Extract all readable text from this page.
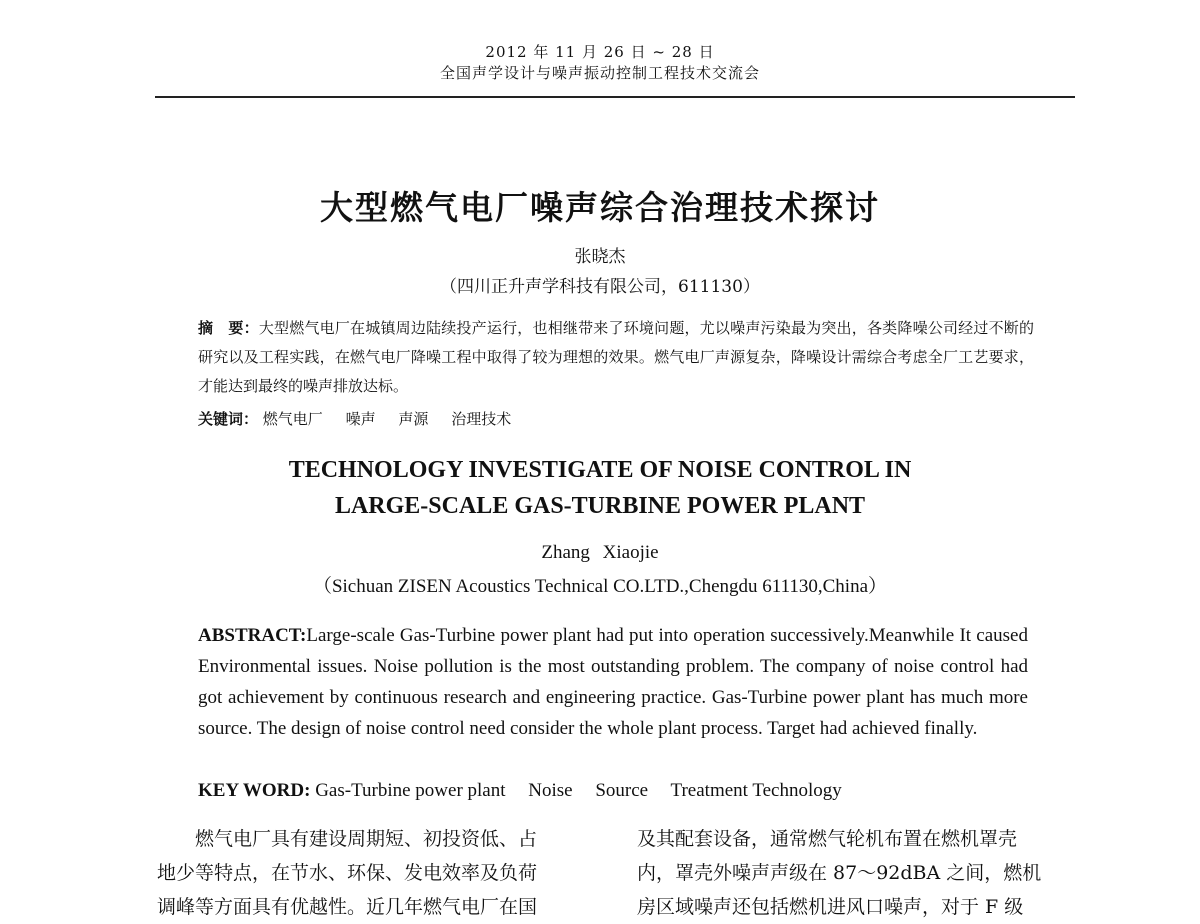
2012 年 11 月 26 日 ~ 28 日
全国声学设计与噪声振动控制工程技术交流会
大型燃气电厂噪声综合治理技术探讨
张晓杰
（四川正升声学科技有限公司，611130）
摘　要：大型燃气电厂在城镇周边陆续投产运行，也相继带来了环境问题，尤以噪声污染最为突出，各类降噪公司经过不断的研究以及工程实践，在燃气电厂降噪工程中取得了较为理想的效果。燃气电厂声源复杂，降噪设计需综合考虑全厂工艺要求，才能达到最终的噪声排放达标。
关键词： 燃气电厂 噪声 声源 治理技术
TECHNOLOGY INVESTIGATE OF NOISE CONTROL IN
LARGE-SCALE GAS-TURBINE POWER PLANT
Zhang Xiaojie
（Sichuan ZISEN Acoustics Technical CO.LTD.,Chengdu 611130,China）
ABSTRACT:Large-scale Gas-Turbine power plant had put into operation successively.Meanwhile It caused Environmental issues. Noise pollution is the most outstanding problem. The company of noise control had got achievement by continuous research and engineering practice. Gas-Turbine power plant has much more source. The design of noise control need consider the whole plant process. Target had achieved finally.
KEY WORD: Gas-Turbine power plant Noise Source Treatment Technology
　　燃气电厂具有建设周期短、初投资低、占
地少等特点，在节水、环保、发电效率及负荷
调峰等方面具有优越性。近几年燃气电厂在国
及其配套设备，通常燃气轮机布置在燃机罩壳
内，罩壳外噪声声级在 87～92dBA 之间，燃机
房区域噪声还包括燃机进风口噪声，对于 F 级
